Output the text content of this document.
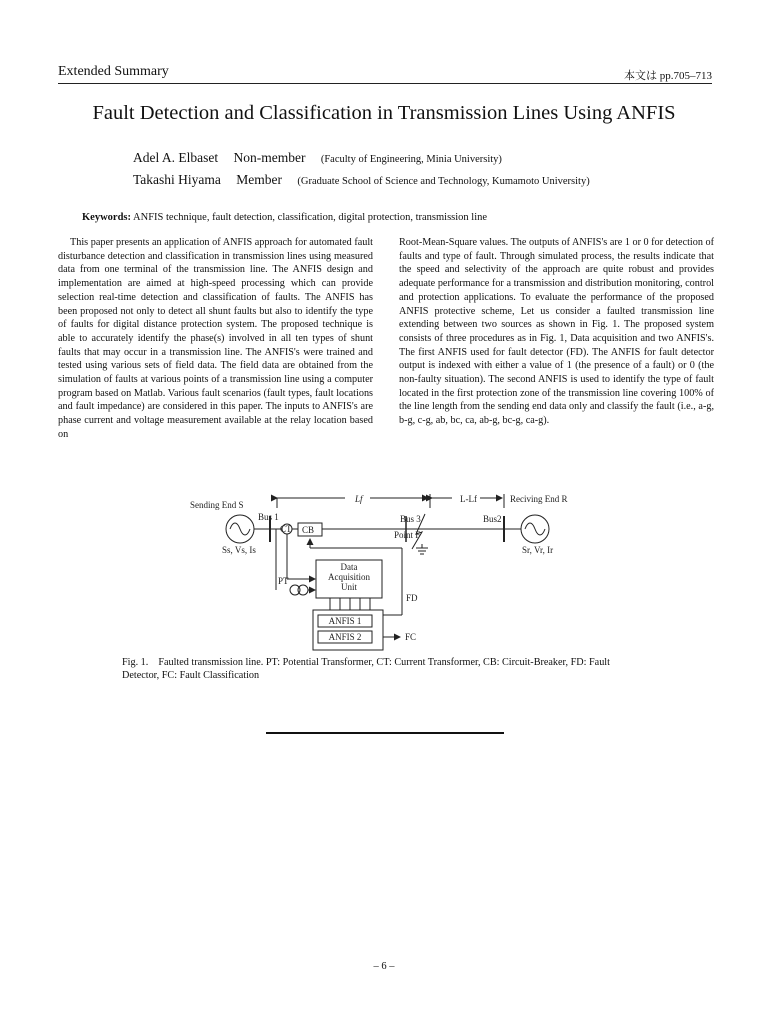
Extended Summary	本文は pp.705–713
Fault Detection and Classification in Transmission Lines Using ANFIS
Adel A. Elbaset Non-member (Faculty of Engineering, Minia University)
Takashi Hiyama Member (Graduate School of Science and Technology, Kumamoto University)
Keywords: ANFIS technique, fault detection, classification, digital protection, transmission line
This paper presents an application of ANFIS approach for automated fault disturbance detection and classification in transmission lines using measured data from one terminal of the transmission line. The ANFIS design and implementation are aimed at high-speed processing which can provide selection real-time detection and classification of faults. The ANFIS has been proposed not only to detect all shunt faults but also to identify the type of faults for digital distance protection system. The proposed technique is able to accurately identify the phase(s) involved in all ten types of shunt faults that may occur in a transmission line. The ANFIS's were trained and tested using various sets of field data. The field data are obtained from the simulation of faults at various points of a transmission line using a computer program based on Matlab. Various fault scenarios (fault types, fault locations and fault impedance) are considered in this paper. The inputs to ANFIS's are phase current and voltage measurement available at the relay location based on
Root-Mean-Square values. The outputs of ANFIS's are 1 or 0 for detection of faults and type of fault. Through simulated process, the results indicate that the speed and selectivity of the approach are quite robust and provides adequate performance for a transmission and distribution monitoring, control and protection applications. To evaluate the performance of the proposed ANFIS protective scheme, Let us consider a faulted transmission line extending between two sources as shown in Fig. 1. The proposed system consists of three procedures as in Fig. 1, Data acquisition and two ANFIS's. The first ANFIS used for fault detector (FD). The ANFIS for fault detector output is indexed with either a value of 1 (the presence of a fault) or 0 (the non-faulty situation). The second ANFIS is used to identify the type of fault located in the first protection zone of the transmission line covering 100% of the line length from the sending end data only and classify the fault (i.e., a-g, b-g, c-g, ab, bc, ca, ab-g, bc-g, ca-g).
Sending End S
Lf	L-Lf	Reciving End R
Bus 1
CT CB
Bus 3
Point F
Bus2
Ss, Vs, Is	Sr, Vr, Ir
PT
Data
Acquisition
Unit
ANFIS 1
ANFIS 2
FD
FC
Fig. 1. Faulted transmission line. PT: Potential Transformer, CT: Current Transformer, CB: Circuit-Breaker, FD: Fault Detector, FC: Fault Classification
– 6 –
